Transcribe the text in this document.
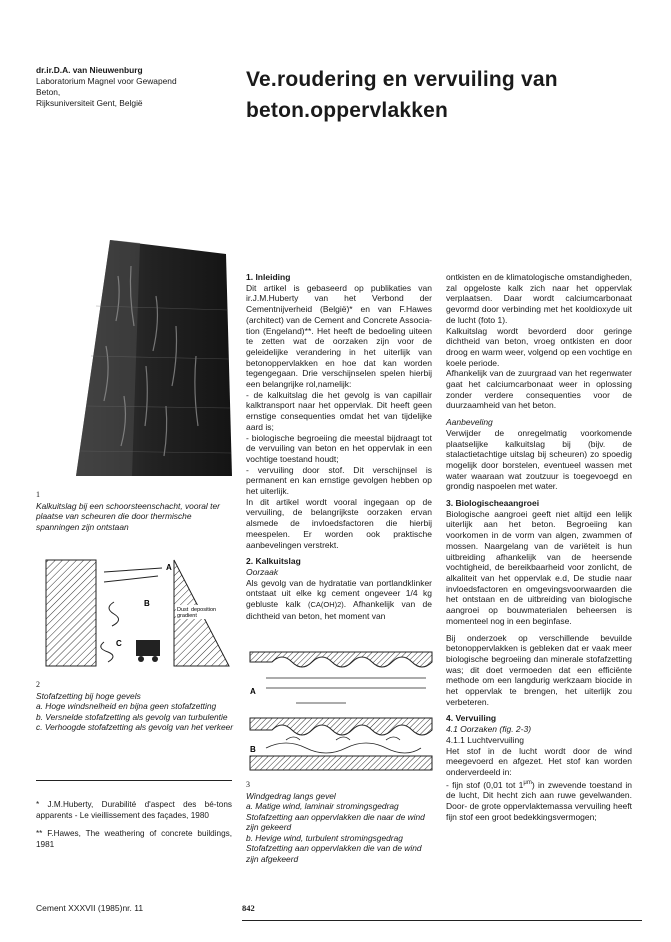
dr.ir.D.A. van Nieuwenburg
Laboratorium Magnel voor Gewapend
Beton,
Rijksuniversiteit Gent, België
Ve.roudering en vervuiling van
beton.oppervlakken
1
Kalkuitslag bij een schoorsteenschacht, vooral ter plaatse van scheuren die door thermische spanningen zijn ontstaan
Dust deposition
gradient
A
B
C
2
Stofafzetting bij hoge gevels
a. Hoge windsnelheid en bijna geen stofafzetting
b. Versnelde stofafzetting als gevolg van turbulentie
c. Verhoogde stofafzetting als gevolg van het verkeer
* J.M.Huberty, Durabilité d'aspect des bé-tons apparents - Le vieillissement des façades, 1980
** F.Hawes, The weathering of concrete buildings, 1981

1. Inleiding

Dit artikel is gebaseerd op publikaties van ir.J.M.Huberty van het Verbond der Cementnijverheid (België)* en van F.Hawes (architect) van de Cement and Concrete Associa-tion (Engeland)**. Het heeft de bedoeling uiteen te zetten wat de oorzaken zijn voor de geleidelijke verandering in het uiterlijk van betonoppervlakken en hoe dat kan worden tegengegaan. Drie verschijnselen spelen hierbij een belangrijke rol,namelijk:

- de kalkuitslag die het gevolg is van capillair kalktransport naar het oppervlak. Dit heeft geen ernstige consequenties omdat het van tijdelijke aard is;

- biologische begroeiing die meestal bijdraagt tot de vervuiling van beton en het oppervlak in een vochtige toestand houdt;

- vervuiling door stof. Dit verschijnsel is permanent en kan ernstige gevolgen hebben op het uiterlijk.

In dit artikel wordt vooral ingegaan op de vervuiling, de belangrijkste oorzaken ervan alsmede de invloedsfactoren die hierbij meespelen. Er worden ook praktische aanbevelingen verstrekt.

2. Kalkuitslag

Oorzaak

Als gevolg van de hydratatie van portlandklinker ontstaat uit elke kg cement ongeveer 1/4 kg gebluste kalk (CA(OH)2). Afhankelijk van de dichtheid van beton, het moment van

A
B
3
Windgedrag langs gevel
a. Matige wind, laminair stromingsgedrag
Stofafzetting aan oppervlakken die naar de wind zijn gekeerd
b. Hevige wind, turbulent stromingsgedrag
Stofafzetting aan oppervlakken die van de wind zijn afgekeerd

ontkisten en de klimatologische omstandigheden, zal opgeloste kalk zich naar het oppervlak verplaatsen. Daar wordt calciumcarbonaat gevormd door verbinding met het kooldioxyde uit de lucht (foto 1).

Kalkuitslag wordt bevorderd door geringe dichtheid van beton, vroeg ontkisten en door droog en warm weer, volgend op een vochtige en koele periode.

Afhankelijk van de zuurgraad van het regenwater gaat het calciumcarbonaat weer in oplossing zonder verdere consequenties voor de duurzaamheid van het beton.

Aanbeveling

Verwijder de onregelmatig voorkomende plaatselijke kalkuitslag bij (bijv. de stalactietachtige uitslag bij scheuren) zo spoedig mogelijk door borstelen, eventueel wassen met water waaraan wat zoutzuur is toegevoegd en grondig naspoelen met water.

3. Biologischeaangroei

Biologische aangroei geeft niet altijd een lelijk uiterlijk aan het beton. Begroeiing kan voorkomen in de vorm van algen, zwammen of mossen. Naargelang van de variëteit is hun uitbreiding afhankelijk van de heersende vochtigheid, de bereikbaarheid voor zonlicht, de alkaliteit van het oppervlak e.d, De studie naar invloedsfactoren en omgevingsvoorwaarden die het ontstaan en de uitbreiding van biologische aangroei op bouwmaterialen beheersen is momenteel nog in een beginfase.

Bij onderzoek op verschillende bevuilde betonoppervlakken is gebleken dat er vaak meer biologische begroeiing dan minerale stofafzetting was; dit doet vermoeden dat een efficiënte methode om een langdurig werkzaam biocide in het oppervlak te brengen, het uiterlijk zou verbeteren.

4. Vervuiling

4.1 Oorzaken (fig. 2-3)

4.1.1 Luchtvervuiling

Het stof in de lucht wordt door de wind meegevoerd en afgezet. Het stof kan worden onderverdeeld in:

- fijn stof (0,01 tot $1^{\mu m}$) in zwevende toestand in de lucht, Dit hecht zich aan ruwe gevelwanden. Door- de grote oppervlaktemassa vervuiling heeft fijn stof een groot bedekkingsvermogen;

Cement XXXVII (1985)nr. 11	842
